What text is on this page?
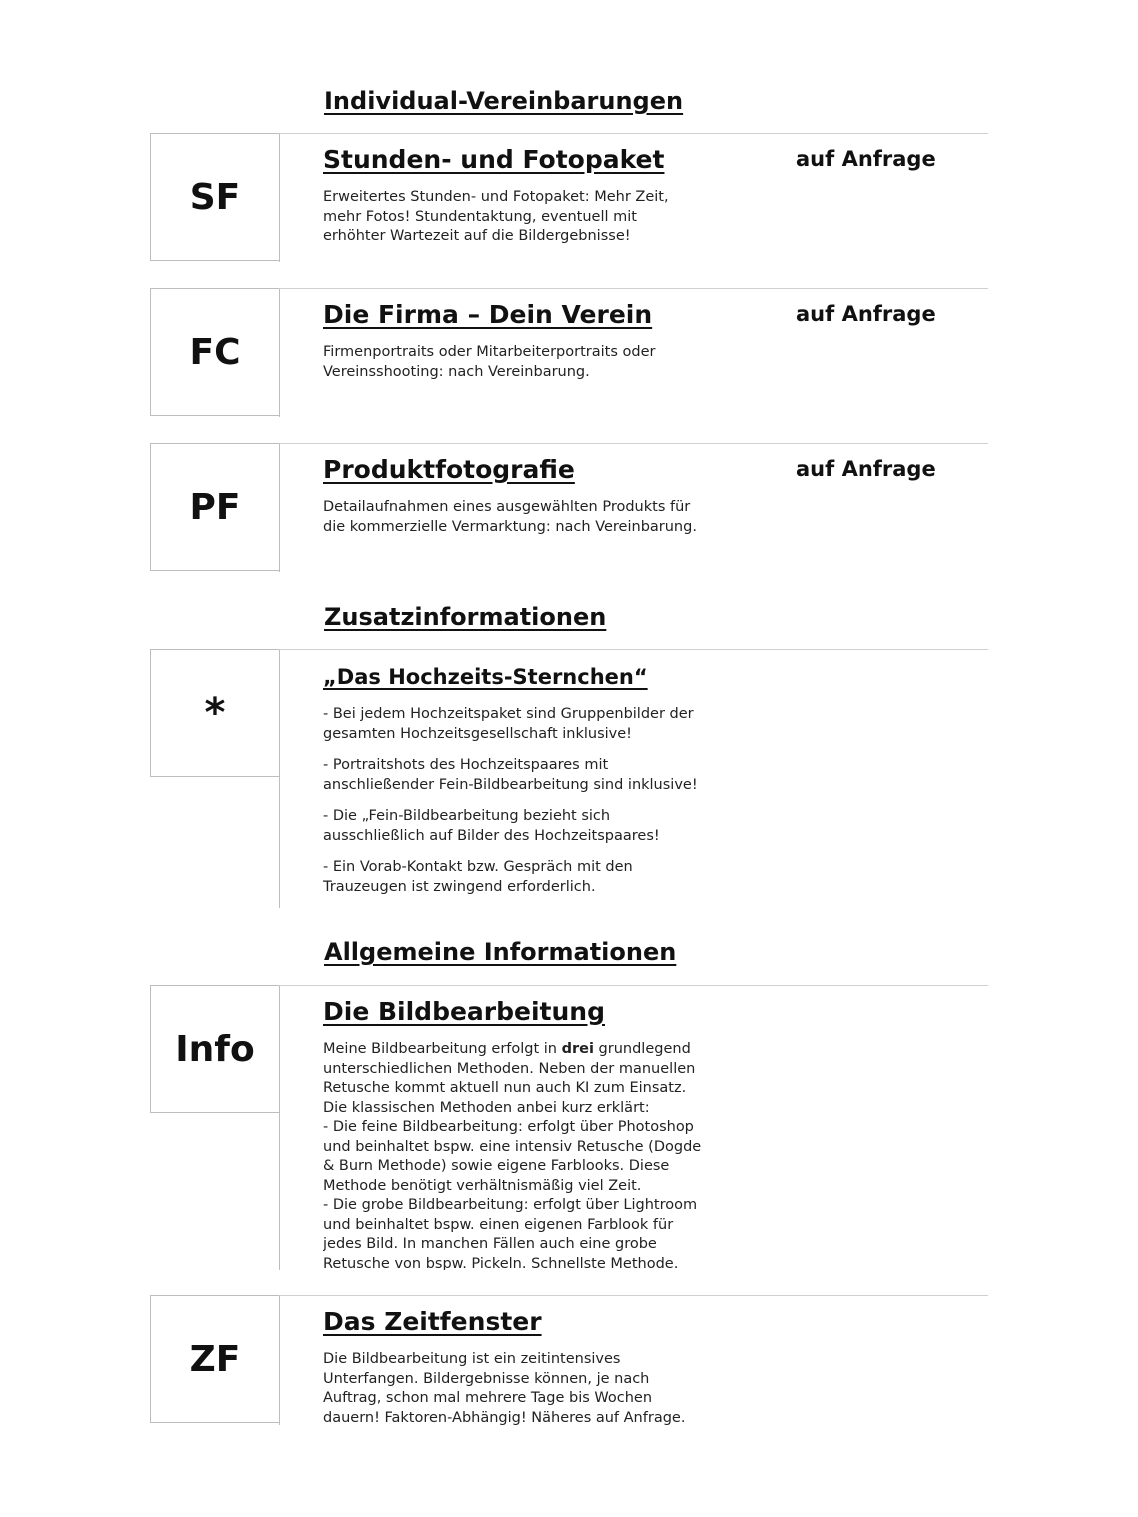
Individual-Vereinbarungen
SF
Stunden- und Fotopaket	auf Anfrage

Erweitertes Stunden- und Fotopaket: Mehr Zeit, mehr Fotos! Stundentaktung, eventuell mit erhöhter Wartezeit auf die Bildergebnisse!

FC
Die Firma – Dein Verein	auf Anfrage

Firmenportraits oder Mitarbeiterportraits oder Vereinsshooting: nach Vereinbarung.

PF
Produktfotografie	auf Anfrage

Detailaufnahmen eines ausgewählten Produkts für die kommerzielle Vermarktung: nach Vereinbarung.

Zusatzinformationen
*
„Das Hochzeits-Sternchen“
- Bei jedem Hochzeitspaket sind Gruppenbilder der gesamten Hochzeitsgesellschaft inklusive!
- Portraitshots des Hochzeitspaares mit anschließender Fein-Bildbearbeitung sind inklusive!
- Die „Fein-Bildbearbeitung bezieht sich ausschließlich auf Bilder des Hochzeitspaares!
- Ein Vorab-Kontakt bzw. Gespräch mit den Trauzeugen ist zwingend erforderlich.
Allgemeine Informationen
Info
Die Bildbearbeitung
Meine Bildbearbeitung erfolgt in drei grundlegend unterschiedlichen Methoden. Neben der manuellen Retusche kommt aktuell nun auch KI zum Einsatz. Die klassischen Methoden anbei kurz erklärt:
- Die feine Bildbearbeitung: erfolgt über Photoshop und beinhaltet bspw. eine intensiv Retusche (Dogde & Burn Methode) sowie eigene Farblooks. Diese Methode benötigt verhältnismäßig viel Zeit.
- Die grobe Bildbearbeitung: erfolgt über Lightroom und beinhaltet bspw. einen eigenen Farblook für jedes Bild. In manchen Fällen auch eine grobe Retusche von bspw. Pickeln. Schnellste Methode.
ZF
Das Zeitfenster

Die Bildbearbeitung ist ein zeitintensives Unterfangen. Bildergebnisse können, je nach Auftrag, schon mal mehrere Tage bis Wochen dauern! Faktoren-Abhängig! Näheres auf Anfrage.
